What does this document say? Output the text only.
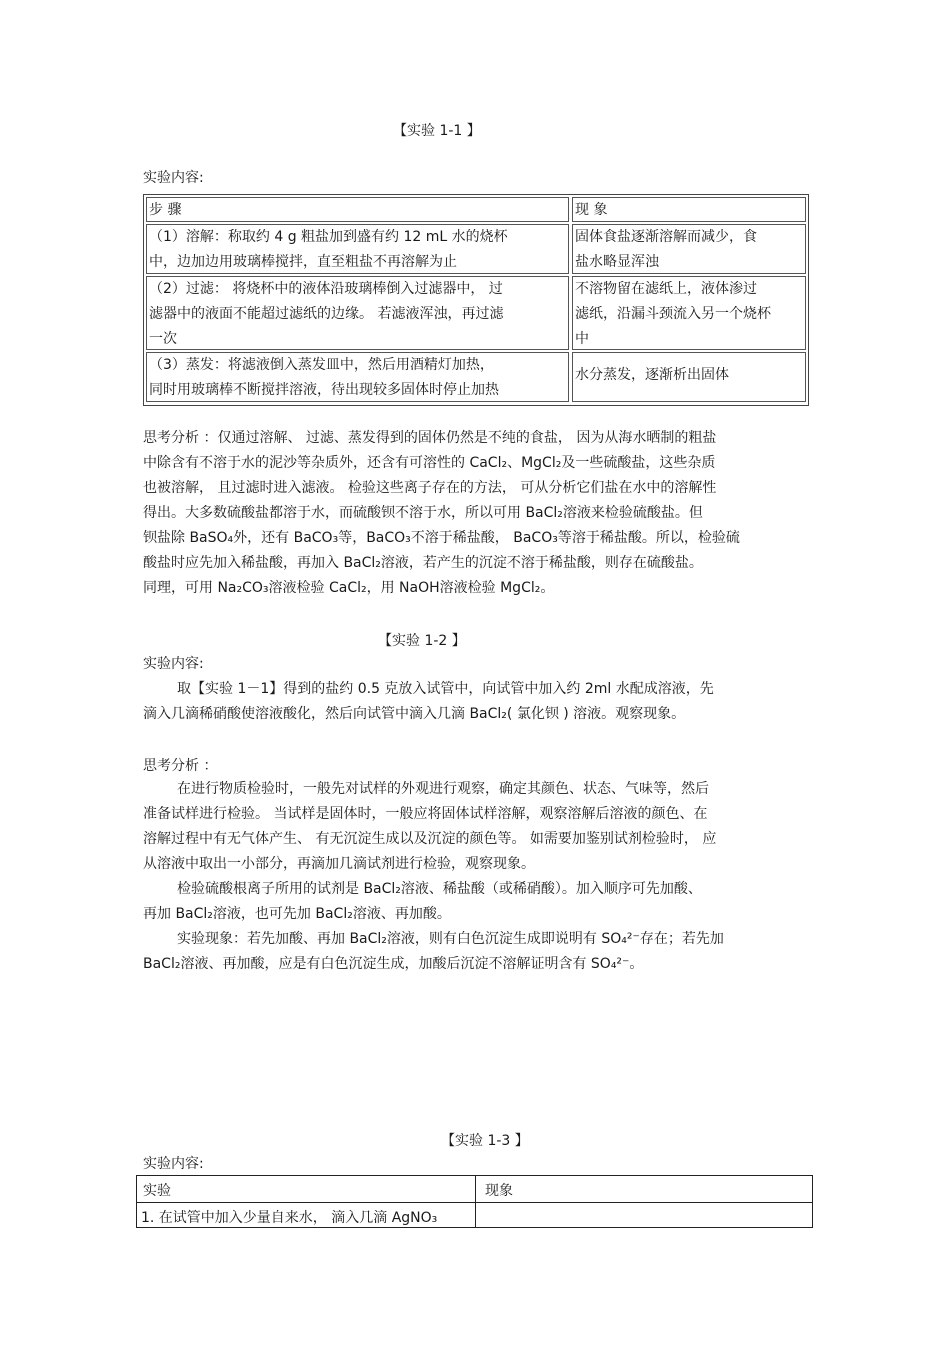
【实验 1-1 】
实验内容:
步 骤	现 象
（1）溶解：称取约 4 g 粗盐加到盛有约 12 mL 水的烧杯
中，边加边用玻璃棒搅拌，直至粗盐不再溶解为止
固体食盐逐渐溶解而减少，食
盐水略显浑浊
（2）过滤： 将烧杯中的液体沿玻璃棒倒入过滤器中， 过
滤器中的液面不能超过滤纸的边缘。 若滤液浑浊，再过滤
一次
不溶物留在滤纸上，液体渗过
滤纸，沿漏斗颈流入另一个烧杯
中
（3）蒸发：将滤液倒入蒸发皿中，然后用酒精灯加热，
同时用玻璃棒不断搅拌溶液，待出现较多固体时停止加热
水分蒸发，逐渐析出固体
思考分析 ：仅通过溶解、 过滤、蒸发得到的固体仍然是不纯的食盐， 因为从海水晒制的粗盐
中除含有不溶于水的泥沙等杂质外，还含有可溶性的 CaCl₂、MgCl₂及一些硫酸盐，这些杂质
也被溶解， 且过滤时进入滤液。 检验这些离子存在的方法， 可从分析它们盐在水中的溶解性
得出。大多数硫酸盐都溶于水，而硫酸钡不溶于水，所以可用 BaCl₂溶液来检验硫酸盐。但
钡盐除 BaSO₄外，还有 BaCO₃等，BaCO₃不溶于稀盐酸， BaCO₃等溶于稀盐酸。所以，检验硫
酸盐时应先加入稀盐酸，再加入 BaCl₂溶液，若产生的沉淀不溶于稀盐酸，则存在硫酸盐。
同理，可用 Na₂CO₃溶液检验 CaCl₂，用 NaOH溶液检验 MgCl₂。
【实验 1-2 】
实验内容:
取【实验 1－1】得到的盐约 0.5 克放入试管中，向试管中加入约 2ml 水配成溶液，先
滴入几滴稀硝酸使溶液酸化，然后向试管中滴入几滴 BaCl₂( 氯化钡 ) 溶液。观察现象。
思考分析 ：
在进行物质检验时，一般先对试样的外观进行观察，确定其颜色、状态、气味等，然后
准备试样进行检验。 当试样是固体时，一般应将固体试样溶解，观察溶解后溶液的颜色、在
溶解过程中有无气体产生、 有无沉淀生成以及沉淀的颜色等。 如需要加鉴别试剂检验时， 应
从溶液中取出一小部分，再滴加几滴试剂进行检验，观察现象。
检验硫酸根离子所用的试剂是 BaCl₂溶液、稀盐酸（或稀硝酸）。加入顺序可先加酸、
再加 BaCl₂溶液，也可先加 BaCl₂溶液、再加酸。
实验现象：若先加酸、再加 BaCl₂溶液，则有白色沉淀生成即说明有 SO₄²⁻存在；若先加
BaCl₂溶液、再加酸，应是有白色沉淀生成，加酸后沉淀不溶解证明含有 SO₄²⁻。
【实验 1-3 】
实验内容:
实验	现象
1. 在试管中加入少量自来水， 滴入几滴 AgNO₃
